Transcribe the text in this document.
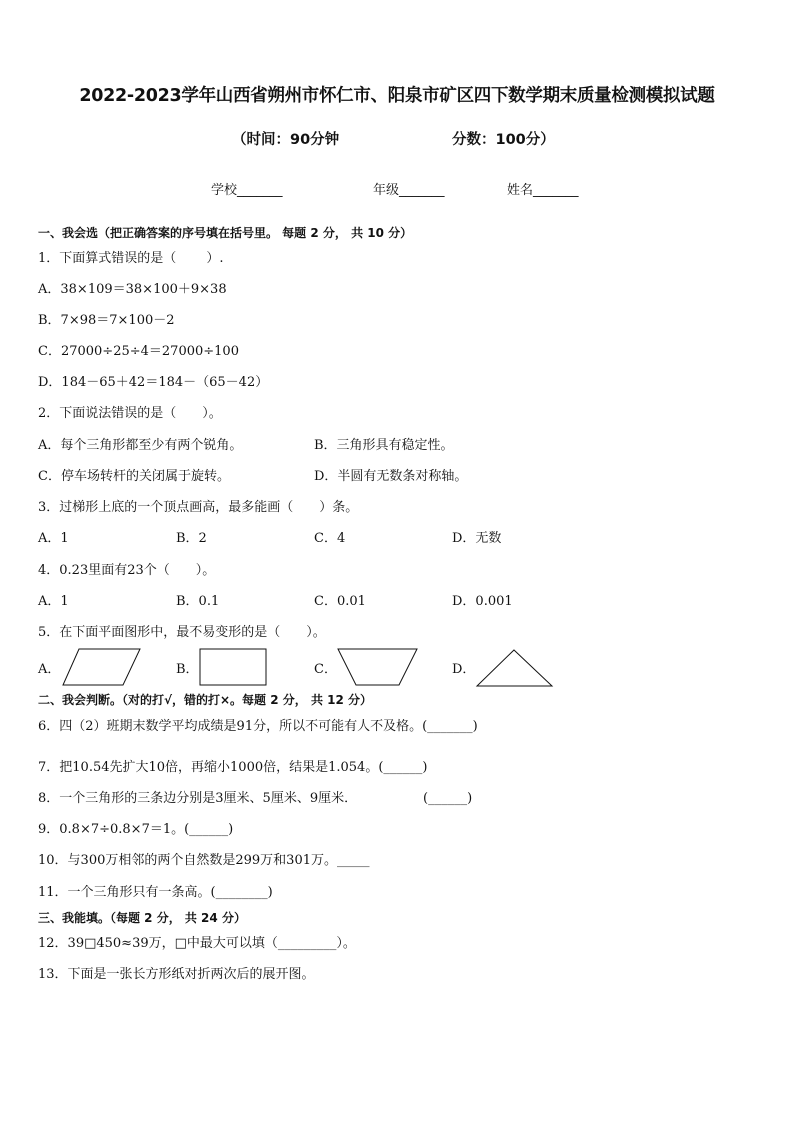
2022-2023学年山西省朔州市怀仁市、阳泉市矿区四下数学期末质量检测模拟试题
（时间：90分钟	分数：100分）
学校_______	年级_______	姓名_______
一、我会选（把正确答案的序号填在括号里。 每题 2 分， 共 10 分）
1．下面算式错误的是（　　 ）.
A．38×109＝38×100＋9×38
B．7×98＝7×100－2
C．27000÷25÷4＝27000÷100
D．184－65＋42＝184－（65－42）
2．下面说法错误的是（　　）。
A．每个三角形都至少有两个锐角。	B．三角形具有稳定性。
C．停车场转杆的关闭属于旋转。	D．半圆有无数条对称轴。
3．过梯形上底的一个顶点画高，最多能画（　　）条。
A．1	B．2	C．4	D．无数
4．0.23里面有23个（　　）。
A．1	B．0.1	C．0.01	D．0.001
5．在下面平面图形中，最不易变形的是（　　）。
A．	B．	C．	D．
二、我会判断。（对的打√，错的打×。每题 2 分， 共 12 分）
6．四（2）班期末数学平均成绩是91分，所以不可能有人不及格。(_______)
7．把10.54先扩大10倍，再缩小1000倍，结果是1.054。(______)
8．一个三角形的三条边分别是3厘米、5厘米、9厘米．	(______)
9．0.8×7÷0.8×7＝1。(______)
10．与300万相邻的两个自然数是299万和301万。_____
11．一个三角形只有一条高。(________)
三、我能填。（每题 2 分， 共 24 分）
12．39□450≈39万，□中最大可以填（_________）。
13．下面是一张长方形纸对折两次后的展开图。
